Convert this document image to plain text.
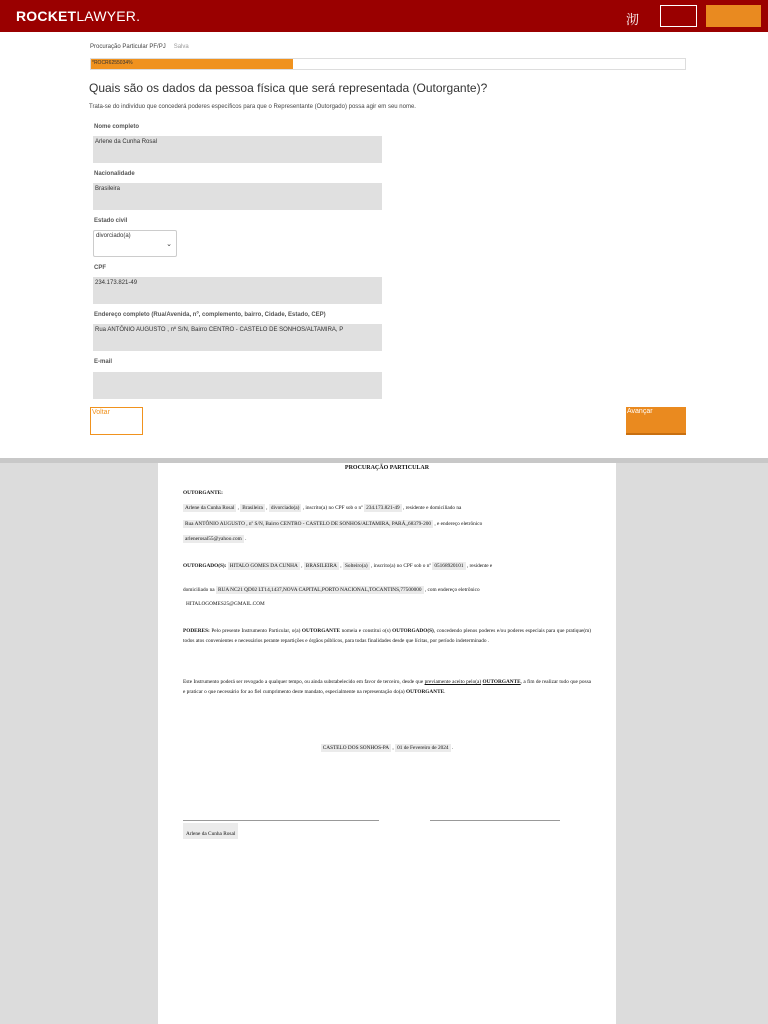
ROCKETLAWYER.	沏
Procuração Particular PF/PJ Salva
*ROCR6255034%
Quais são os dados da pessoa física que será representada (Outorgante)?
Trata-se do indivíduo que concederá poderes específicos para que o Representante (Outorgado) possa agir em seu nome.
Nome completo
Arlene da Cunha Rosal
Nacionalidade
Brasileira
Estado civil
divorciado(a)
⌄
CPF
234.173.821-49
Endereço completo (Rua/Avenida, nº, complemento, bairro, Cidade, Estado, CEP)
Rua ANTÔNIO AUGUSTO , nº S/N, Bairro CENTRO - CASTELO DE SONHOS/ALTAMIRA, P
E-mail
Voltar	Avançar
PROCURAÇÃO PARTICULAR
OUTORGANTE:
Arlene da Cunha Rosal , Brasileira , divorciado(a) , inscrito(a) no CPF sob o nº 234.173.821-49 , residente e domiciliado na
Rua ANTÔNIO AUGUSTO , nº S/N, Bairro CENTRO - CASTELO DE SONHOS/ALTAMIRA, PARÁ,,68379-200 , e endereço eletrônico
arlenerosal55@yahoo.com .
OUTORGADO(S): HITALO GOMES DA CUNHA , BRASILEIRA , Solteiro(a) , inscrito(a) no CPF sob o nº 05168920101 , residente e
domiciliado na RUA NC21 QD02 LT14,1437,NOVA CAPITAL,PORTO NACIONAL,TOCANTINS,77500000 , com endereço eletrônico
HITALOGOMES25@GMAIL.COM
PODERES: Pelo presente Instrumento Particular, o(a) OUTORGANTE nomeia e constitui o(s) OUTORGADO(S), concedendo plenos poderes e/ou poderes especiais para que pratique(m) todos atos convenientes e necessários perante repartições e órgãos públicos, para todas finalidades desde que lícitas, por período indeterminado .
Este Instrumento poderá ser revogado a qualquer tempo, ou ainda substabelecido em favor de terceiro, desde que previamente aceito pelo(a) OUTORGANTE, a fim de realizar tudo que possa e praticar o que necessário for ao fiel cumprimento deste mandato, especialmente na representação do(a) OUTORGANTE.
CASTELO DOS SONHOS-PA , 01 de Fevereiro de 2024 .
Arlene da Cunha Rosal
